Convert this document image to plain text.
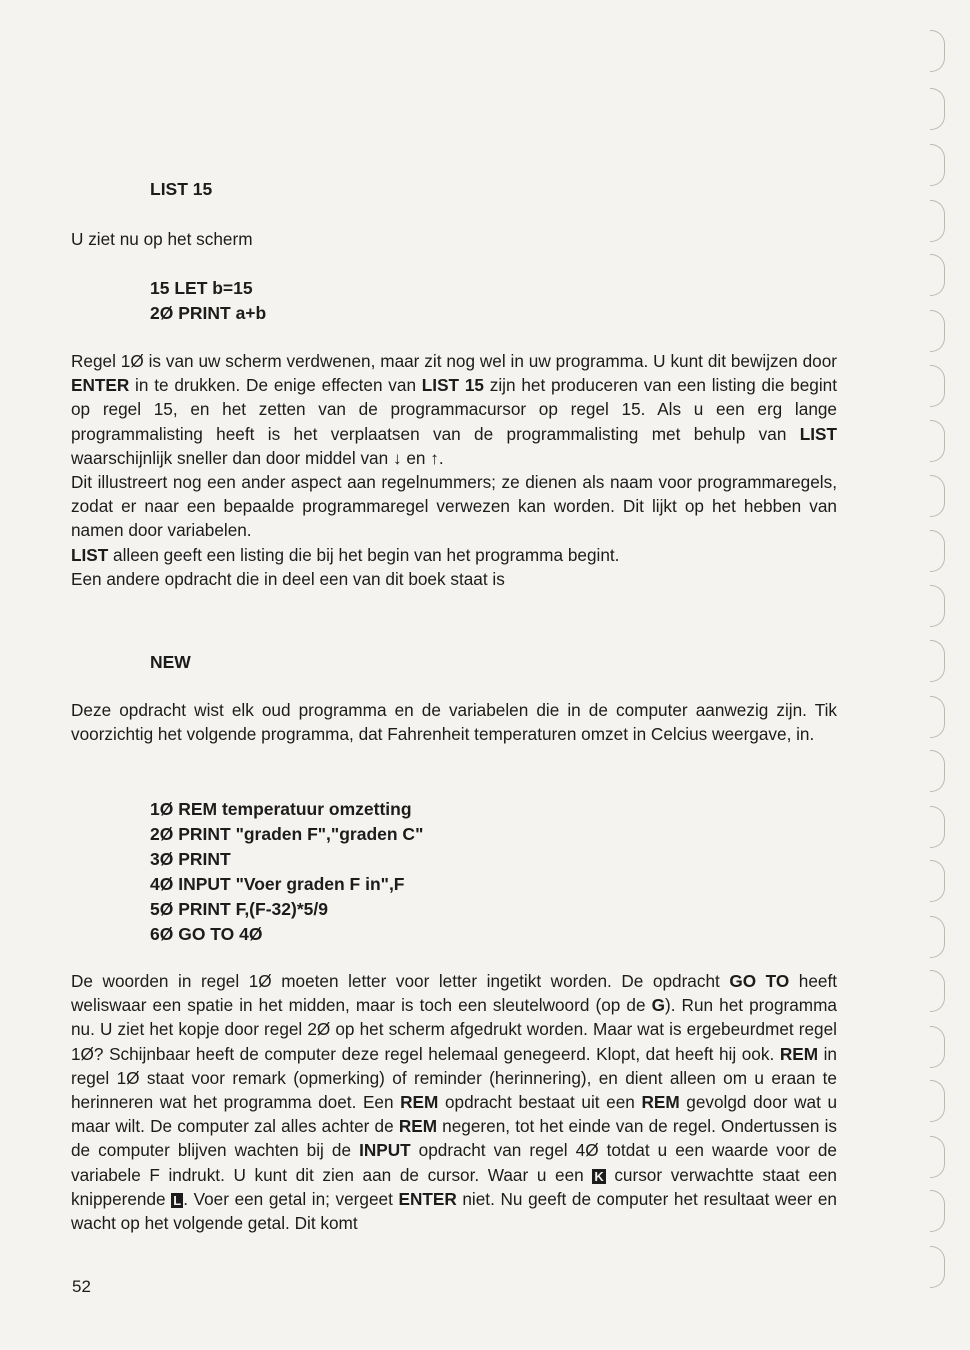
LIST 15

U ziet nu op het scherm

15 LET b=15
2Ø PRINT a+b

Regel 1Ø is van uw scherm verdwenen, maar zit nog wel in uw programma. U kunt dit bewijzen door ENTER in te drukken. De enige effecten van LIST 15 zijn het produceren van een listing die begint op regel 15, en het zetten van de programmacursor op regel 15. Als u een erg lange programmalisting heeft is het verplaatsen van de programmalisting met behulp van LIST waarschijnlijk sneller dan door middel van ↓ en ↑.

Dit illustreert nog een ander aspect aan regelnummers; ze dienen als naam voor programmaregels, zodat er naar een bepaalde programmaregel verwezen kan worden. Dit lijkt op het hebben van namen door variabelen.

LIST alleen geeft een listing die bij het begin van het programma begint.

Een andere opdracht die in deel een van dit boek staat is

NEW

Deze opdracht wist elk oud programma en de variabelen die in de computer aanwezig zijn. Tik voorzichtig het volgende programma, dat Fahrenheit temperaturen omzet in Celcius weergave, in.

1Ø REM temperatuur omzetting
2Ø PRINT "graden F","graden C"
3Ø PRINT
4Ø INPUT "Voer graden F in",F
5Ø PRINT F,(F-32)*5/9
6Ø GO TO 4Ø

De woorden in regel 1Ø moeten letter voor letter ingetikt worden. De opdracht GO TO heeft weliswaar een spatie in het midden, maar is toch een sleutelwoord (op de G). Run het programma nu. U ziet het kopje door regel 2Ø op het scherm afgedrukt worden. Maar wat is ergebeurdmet regel 1Ø? Schijnbaar heeft de computer deze regel helemaal genegeerd. Klopt, dat heeft hij ook. REM in regel 1Ø staat voor remark (opmerking) of reminder (herinnering), en dient alleen om u eraan te herinneren wat het programma doet. Een REM opdracht bestaat uit een REM gevolgd door wat u maar wilt. De computer zal alles achter de REM negeren, tot het einde van de regel. Ondertussen is de computer blijven wachten bij de INPUT opdracht van regel 4Ø totdat u een waarde voor de variabele F indrukt. U kunt dit zien aan de cursor. Waar u een K cursor verwachtte staat een knipperende L . Voer een getal in; vergeet ENTER niet. Nu geeft de computer het resultaat weer en wacht op het volgende getal. Dit komt

52
